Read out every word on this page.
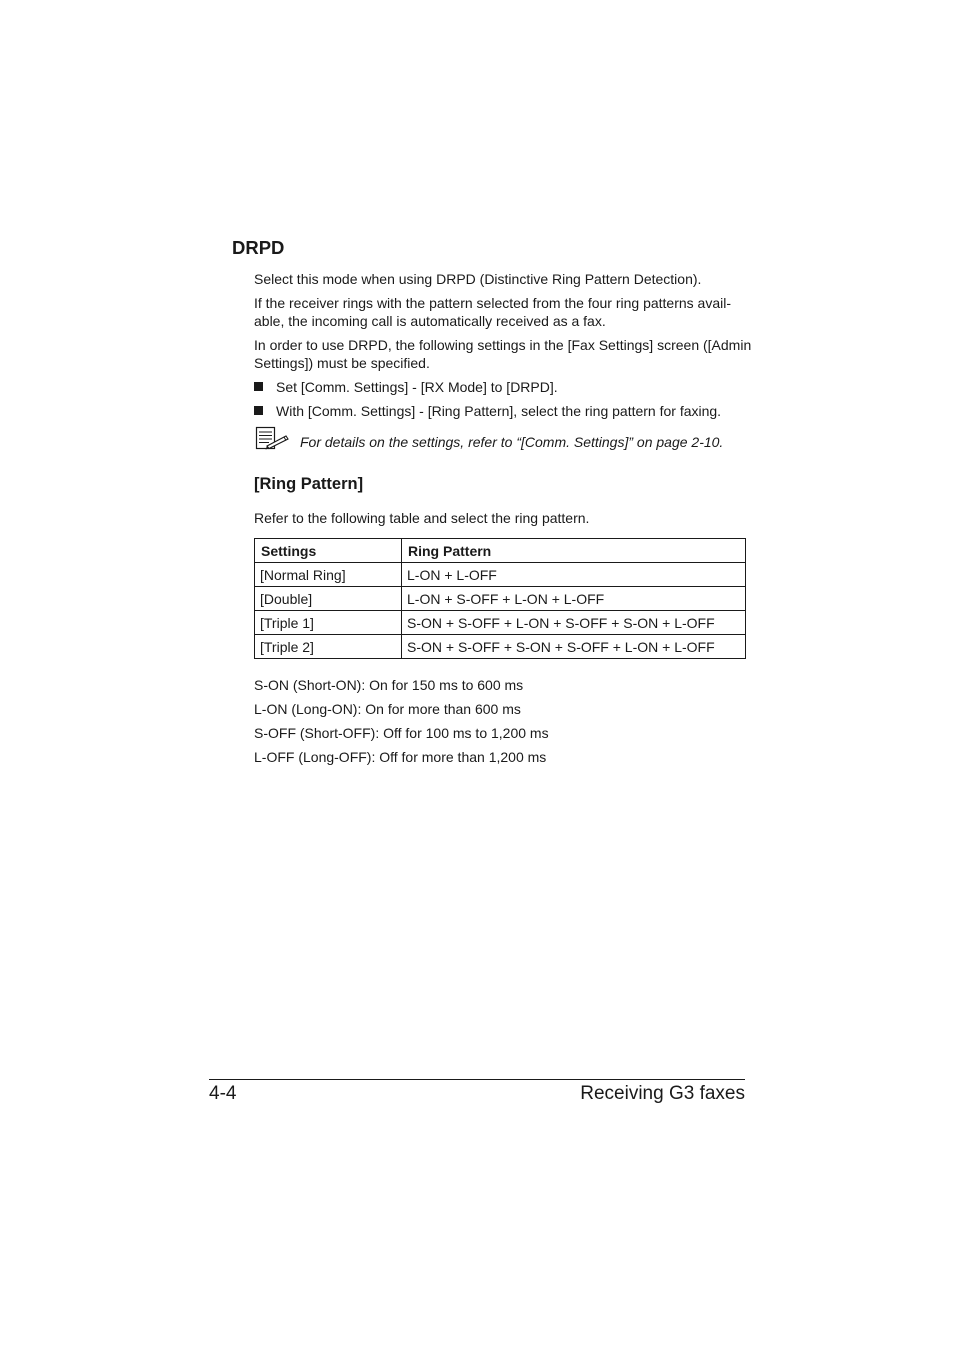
DRPD
Select this mode when using DRPD (Distinctive Ring Pattern Detection).
If the receiver rings with the pattern selected from the four ring patterns avail-able, the incoming call is automatically received as a fax.
In order to use DRPD, the following settings in the [Fax Settings] screen ([Admin Settings]) must be specified.
Set [Comm. Settings] - [RX Mode] to [DRPD].
With [Comm. Settings] - [Ring Pattern], select the ring pattern for faxing.
For details on the settings, refer to “[Comm. Settings]” on page 2-10.
[Ring Pattern]
Refer to the following table and select the ring pattern.
Settings	Ring Pattern
[Normal Ring]	L-ON + L-OFF
[Double]	L-ON + S-OFF + L-ON + L-OFF
[Triple 1]	S-ON + S-OFF + L-ON + S-OFF + S-ON + L-OFF
[Triple 2]	S-ON + S-OFF + S-ON + S-OFF + L-ON + L-OFF
S-ON (Short-ON): On for 150 ms to 600 ms
L-ON (Long-ON): On for more than 600 ms
S-OFF (Short-OFF): Off for 100 ms to 1,200 ms
L-OFF (Long-OFF): Off for more than 1,200 ms
4-4	Receiving G3 faxes
